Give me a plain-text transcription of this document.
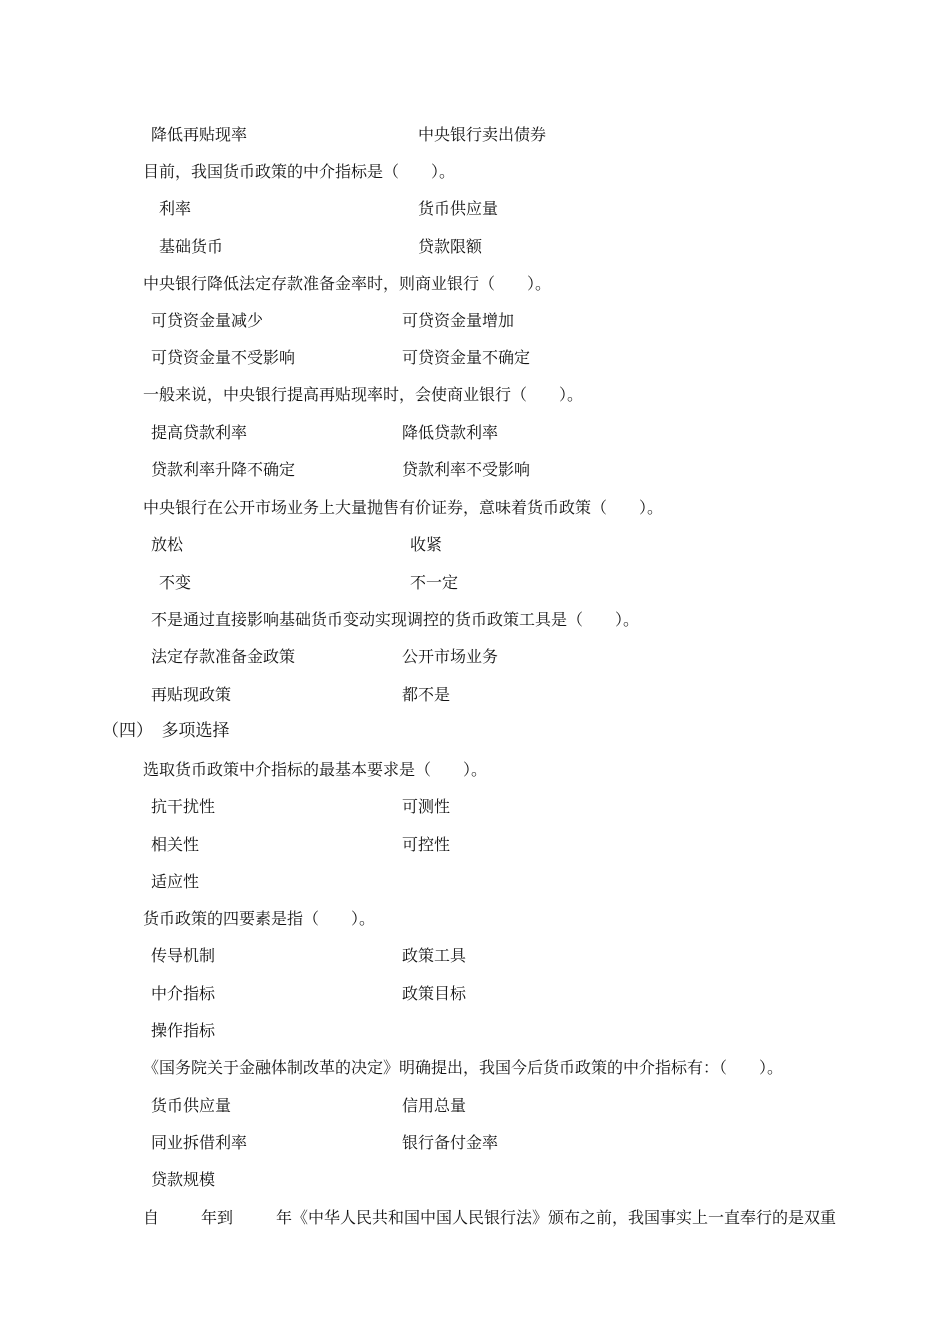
降低再贴现率	中央银行卖出债券
目前，我国货币政策的中介指标是（　　）。
利率	货币供应量
基础货币	贷款限额
中央银行降低法定存款准备金率时，则商业银行（　　）。
可贷资金量减少	可贷资金量增加
可贷资金量不受影响	可贷资金量不确定
一般来说，中央银行提高再贴现率时，会使商业银行（　　）。
提高贷款利率	降低贷款利率
贷款利率升降不确定	贷款利率不受影响
中央银行在公开市场业务上大量抛售有价证券，意味着货币政策（　　）。
放松	收紧
不变	不一定
不是通过直接影响基础货币变动实现调控的货币政策工具是（　　）。
法定存款准备金政策	公开市场业务
再贴现政策	都不是
（四）　多项选择
选取货币政策中介指标的最基本要求是（　　）。
抗干扰性	可测性
相关性	可控性
适应性
货币政策的四要素是指（　　）。
传导机制	政策工具
中介指标	政策目标
操作指标
《国务院关于金融体制改革的决定》明确提出，我国今后货币政策的中介指标有：（　　）。
货币供应量	信用总量
同业拆借利率	银行备付金率
贷款规模
自	年到	年《中华人民共和国中国人民银行法》颁布之前，我国事实上一直奉行的是双重
